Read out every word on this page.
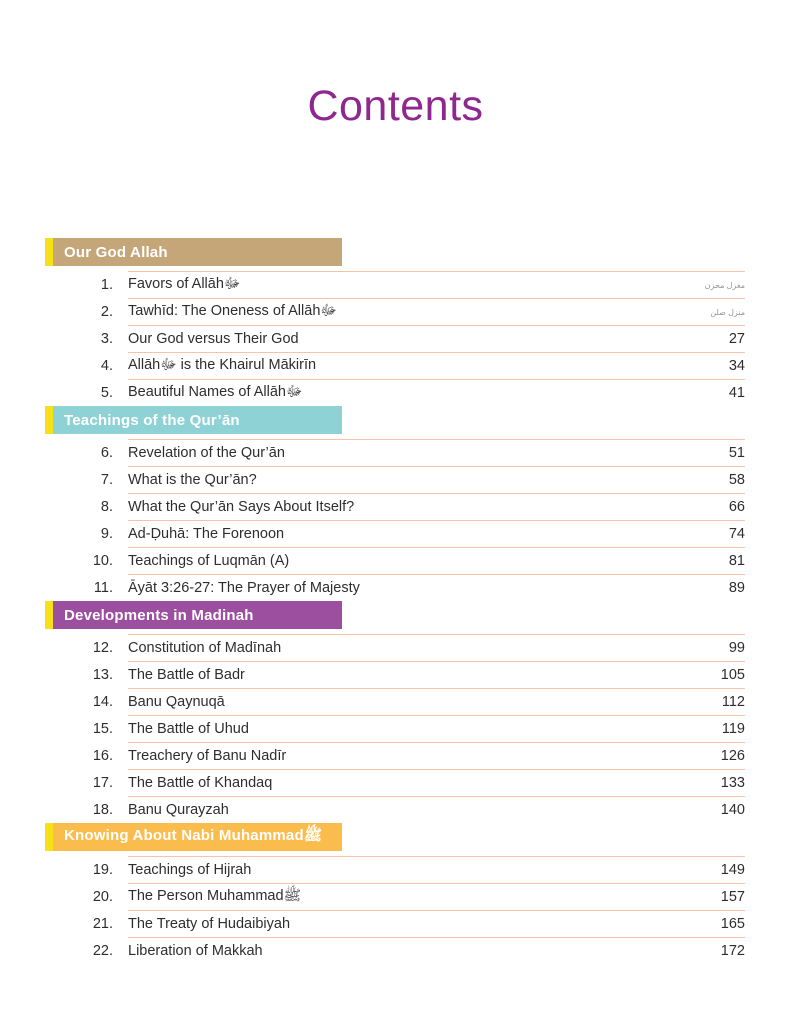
Contents
Our God Allah
1. Favors of Allāhﷻ	مغزل محزن
2. Tawhīd: The Oneness of Allāhﷻ	منزل صلن
3. Our God versus Their God	27
4. Allāhﷻ is the Khairul Mākirīn	34
5. Beautiful Names of Allāhﷻ	41
Teachings of the Qur’ān
6. Revelation of the Qur’ān	51
7. What is the Qur’ān?	58
8. What the Qur’ān Says About Itself?	66
9. Ad-Ḍuhā: The Forenoon	74
10. Teachings of Luqmān (A)	81
11. Āyāt 3:26-27: The Prayer of Majesty	89
Developments in Madinah
12. Constitution of Madīnah	99
13. The Battle of Badr	105
14. Banu Qaynuqā	112
15. The Battle of Uhud	119
16. Treachery of Banu Nadīr	126
17. The Battle of Khandaq	133
18. Banu Qurayzah	140
Knowing About Nabi Muhammadﷺ
19. Teachings of Hijrah	149
20. The Person Muhammadﷺ	157
21. The Treaty of Hudaibiyah	165
22. Liberation of Makkah	172
